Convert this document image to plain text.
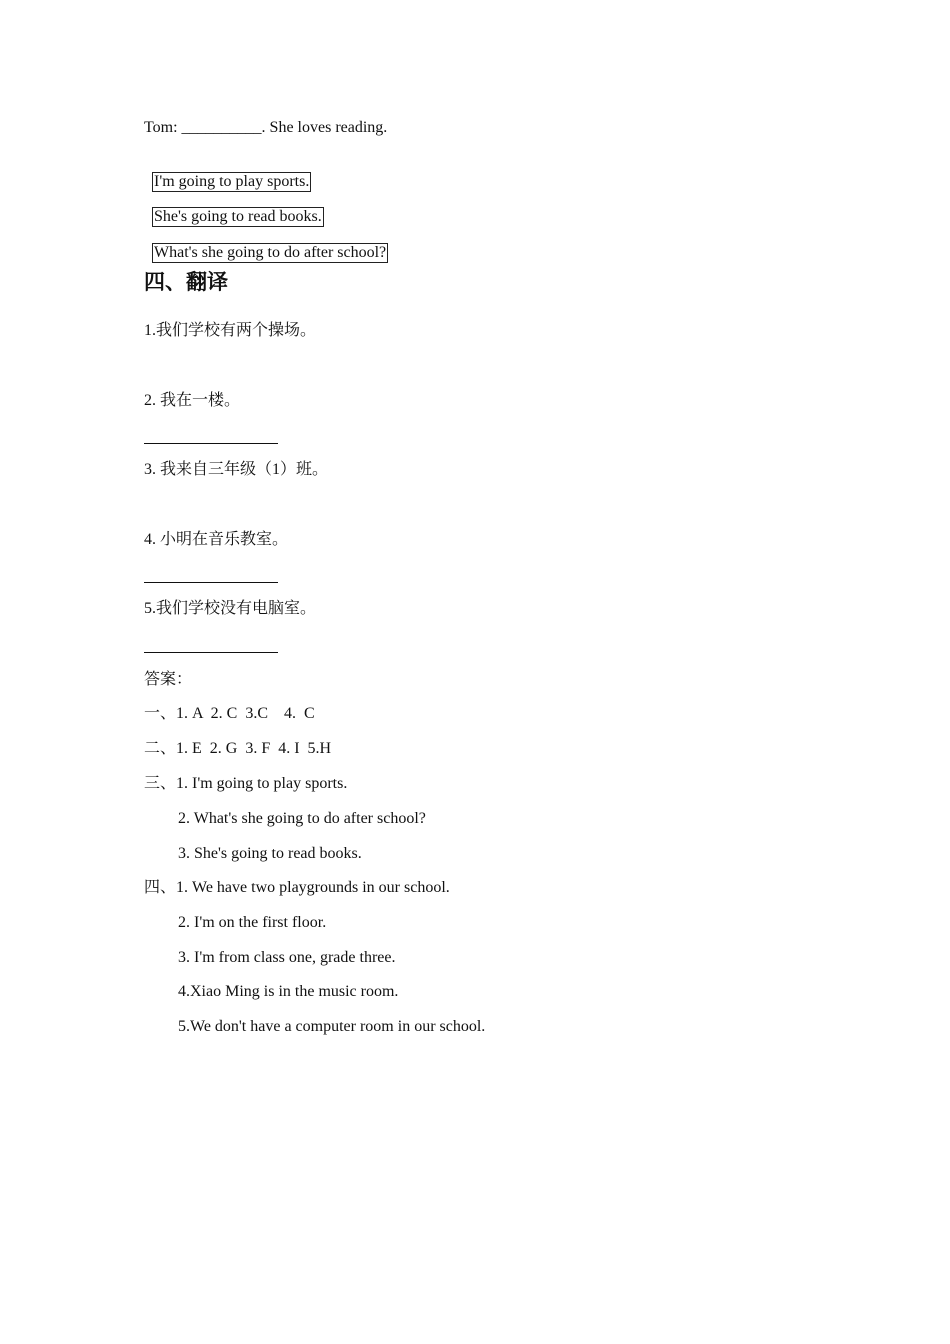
Tom: __________. She loves reading.

I'm going to play sports.

She's going to read books.

What's she going to do after school?

四、翻译
1.我们学校有两个操场。
2. 我在一楼。
3. 我来自三年级（1）班。
4. 小明在音乐教室。
5.我们学校没有电脑室。
答案：
一、1. A  2. C  3.C    4.  C
二、1. E  2. G  3. F  4. I  5.H
三、1. I'm going to play sports.
2. What's she going to do after school?
3. She's going to read books.
四、1. We have two playgrounds in our school.
2. I'm on the first floor.
3. I'm from class one, grade three.
4.Xiao Ming is in the music room.
5.We don't have a computer room in our school.
